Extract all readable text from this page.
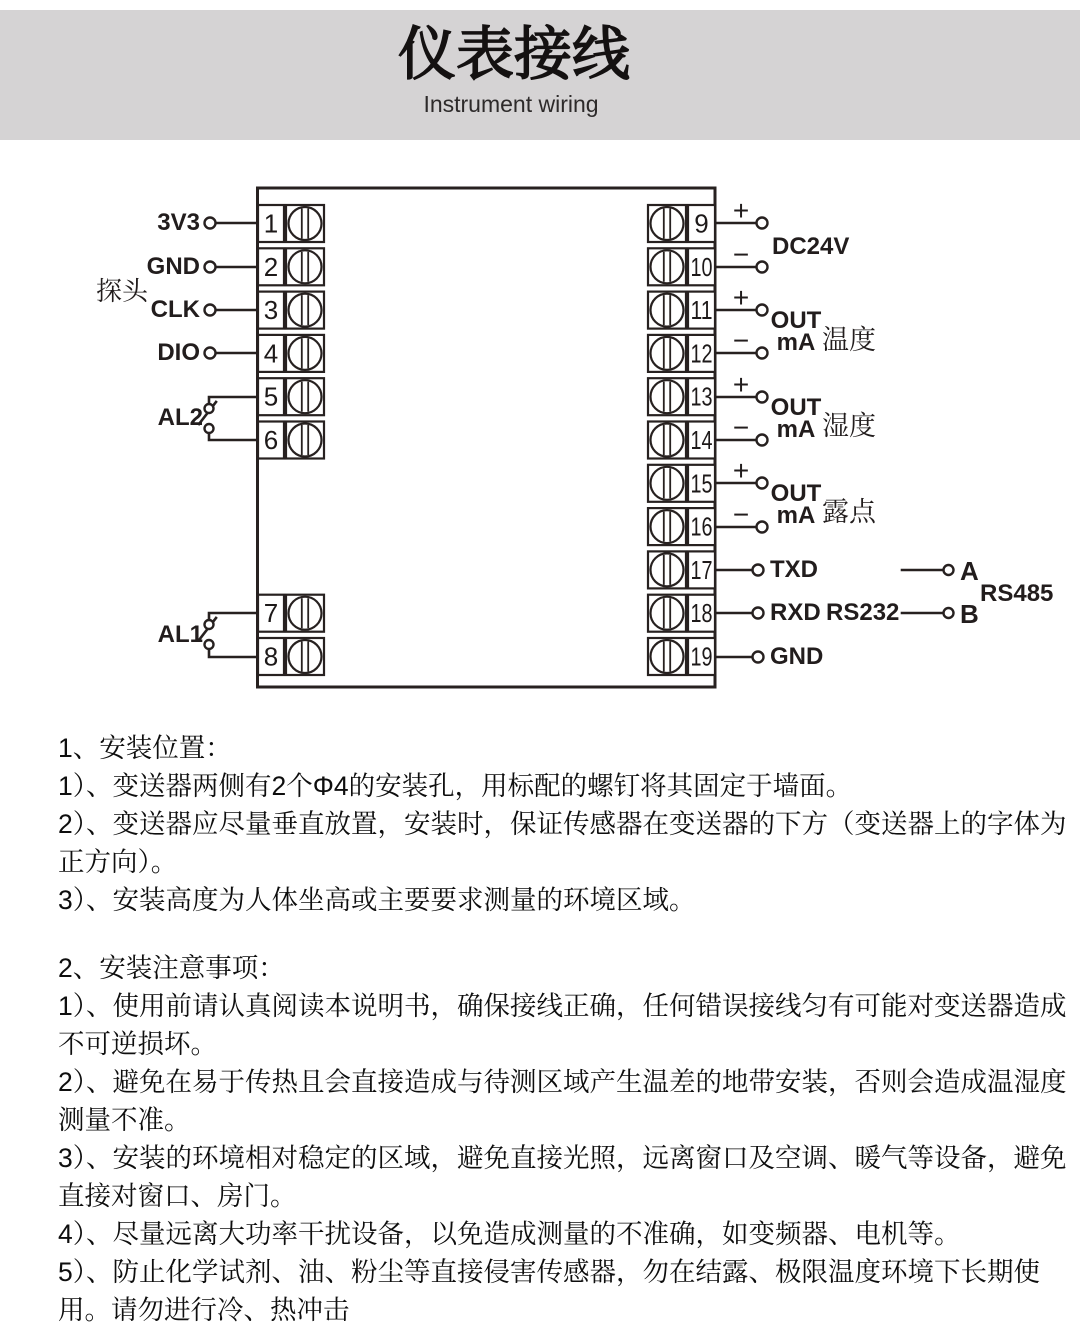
仪表接线
Instrument wiring
1
2
3
4
5
6
7
8
9
10
11
12
13
14
15
16
17
18
19
3V3
GND
CLK
DIO
探头
AL2
AL1
+
−
+
−
+
−
+
−
DC24V
OUT
mA 温度
OUT
mA 湿度
OUT
mA 露点
TXD
RXD RS232
GND
A
B
RS485

1、安装位置：

1）、变送器两侧有2个Φ4的安装孔，用标配的螺钉将其固定于墙面。

2）、变送器应尽量垂直放置，安装时，保证传感器在变送器的下方（变送器上的字体为正方向）。

3）、安装高度为人体坐高或主要要求测量的环境区域。

2、安装注意事项：

1）、使用前请认真阅读本说明书，确保接线正确，任何错误接线匀有可能对变送器造成不可逆损坏。

2）、避免在易于传热且会直接造成与待测区域产生温差的地带安装，否则会造成温湿度测量不准。

3）、安装的环境相对稳定的区域，避免直接光照，远离窗口及空调、暖气等设备，避免直接对窗口、房门。

4）、尽量远离大功率干扰设备，以免造成测量的不准确，如变频器、电机等。

5）、防止化学试剂、油、粉尘等直接侵害传感器，勿在结露、极限温度环境下长期使用。请勿进行冷、热冲击
